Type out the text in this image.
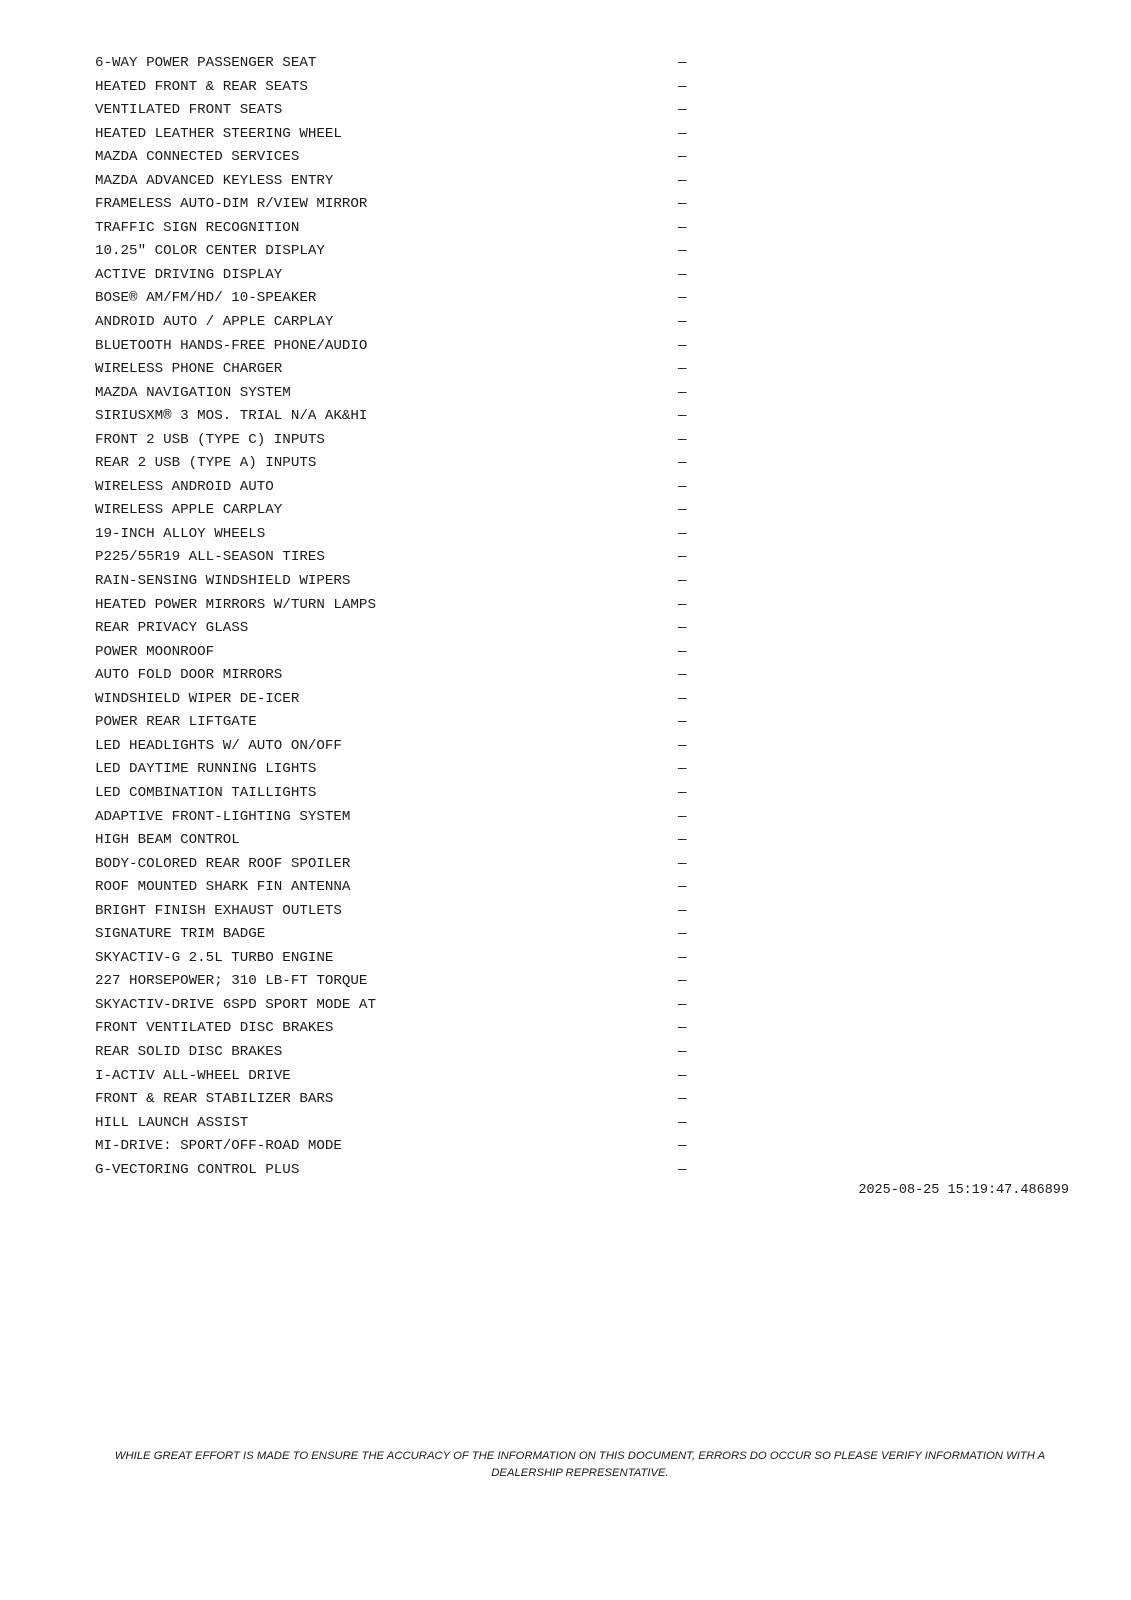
6-WAY POWER PASSENGER SEAT	—
HEATED FRONT & REAR SEATS	—
VENTILATED FRONT SEATS	—
HEATED LEATHER STEERING WHEEL	—
MAZDA CONNECTED SERVICES	—
MAZDA ADVANCED KEYLESS ENTRY	—
FRAMELESS AUTO-DIM R/VIEW MIRROR	—
TRAFFIC SIGN RECOGNITION	—
10.25" COLOR CENTER DISPLAY	—
ACTIVE DRIVING DISPLAY	—
BOSE® AM/FM/HD/ 10-SPEAKER	—
ANDROID AUTO / APPLE CARPLAY	—
BLUETOOTH HANDS-FREE PHONE/AUDIO	—
WIRELESS PHONE CHARGER	—
MAZDA NAVIGATION SYSTEM	—
SIRIUSXM® 3 MOS. TRIAL N/A AK&HI	—
FRONT 2 USB (TYPE C) INPUTS	—
REAR 2 USB (TYPE A) INPUTS	—
WIRELESS ANDROID AUTO	—
WIRELESS APPLE CARPLAY	—
19-INCH ALLOY WHEELS	—
P225/55R19 ALL-SEASON TIRES	—
RAIN-SENSING WINDSHIELD WIPERS	—
HEATED POWER MIRRORS W/TURN LAMPS	—
REAR PRIVACY GLASS	—
POWER MOONROOF	—
AUTO FOLD DOOR MIRRORS	—
WINDSHIELD WIPER DE-ICER	—
POWER REAR LIFTGATE	—
LED HEADLIGHTS W/ AUTO ON/OFF	—
LED DAYTIME RUNNING LIGHTS	—
LED COMBINATION TAILLIGHTS	—
ADAPTIVE FRONT-LIGHTING SYSTEM	—
HIGH BEAM CONTROL	—
BODY-COLORED REAR ROOF SPOILER	—
ROOF MOUNTED SHARK FIN ANTENNA	—
BRIGHT FINISH EXHAUST OUTLETS	—
SIGNATURE TRIM BADGE	—
SKYACTIV-G 2.5L TURBO ENGINE	—
227 HORSEPOWER; 310 LB-FT TORQUE	—
SKYACTIV-DRIVE 6SPD SPORT MODE AT	—
FRONT VENTILATED DISC BRAKES	—
REAR SOLID DISC BRAKES	—
I-ACTIV ALL-WHEEL DRIVE	—
FRONT & REAR STABILIZER BARS	—
HILL LAUNCH ASSIST	—
MI-DRIVE: SPORT/OFF-ROAD MODE	—
G-VECTORING CONTROL PLUS	—
2025-08-25 15:19:47.486899

WHILE GREAT EFFORT IS MADE TO ENSURE THE ACCURACY OF THE INFORMATION ON THIS DOCUMENT, ERRORS DO OCCUR SO PLEASE VERIFY INFORMATION WITH A DEALERSHIP REPRESENTATIVE.
